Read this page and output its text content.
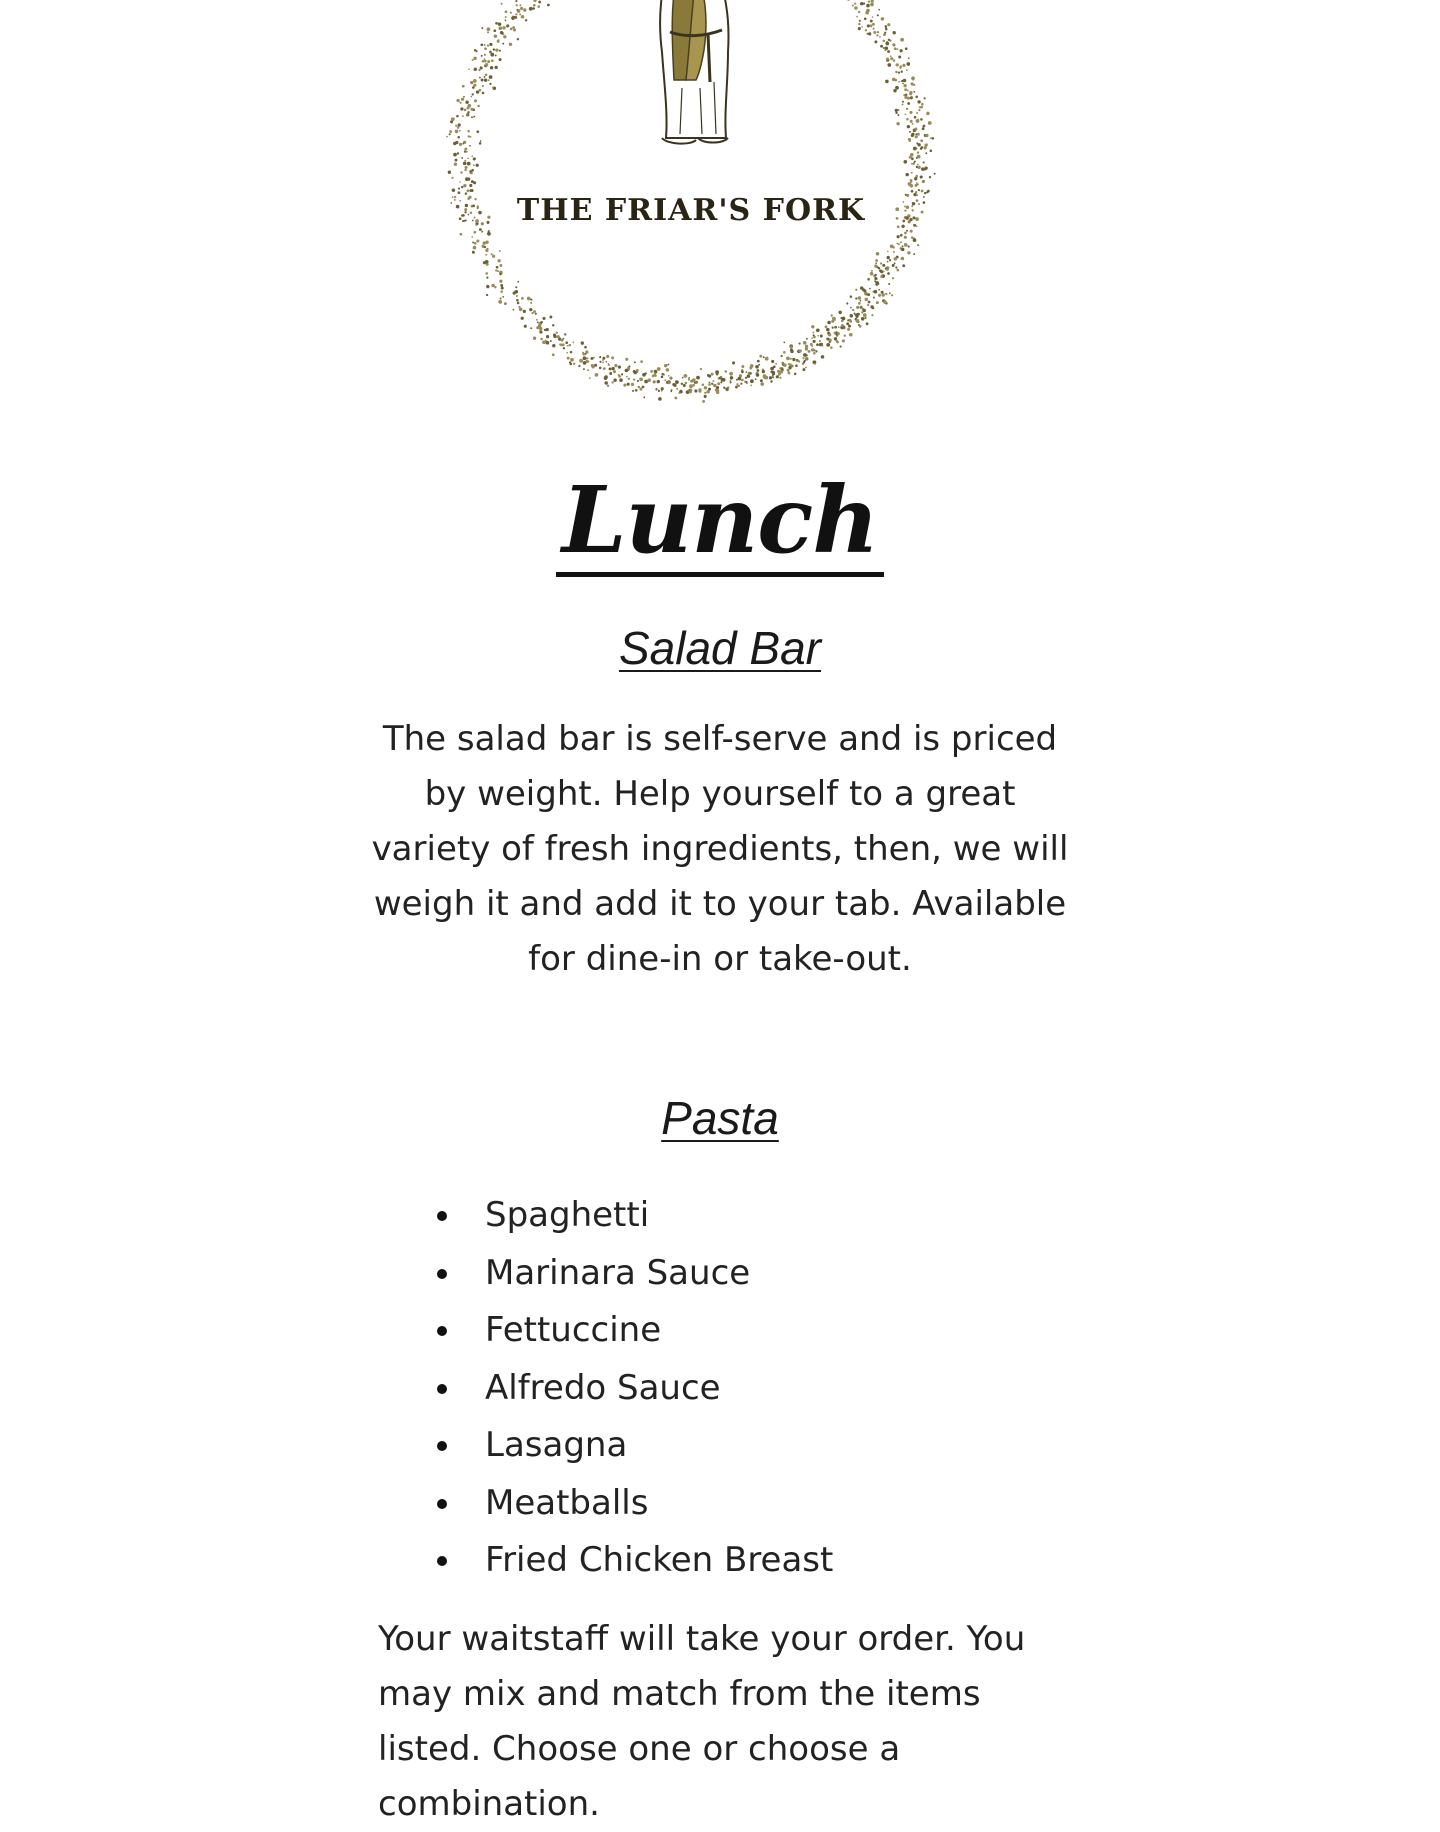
THE FRIAR'S FORK
Lunch
Salad Bar
The salad bar is self-serve and is priced by weight. Help yourself to a great variety of fresh ingredients, then, we will weigh it and add it to your tab. Available for dine-in or take-out.
Pasta
Spaghetti
Marinara Sauce
Fettuccine
Alfredo Sauce
Lasagna
Meatballs
Fried Chicken Breast
Your waitstaff will take your order. You may mix and match from the items listed. Choose one or choose a combination.
